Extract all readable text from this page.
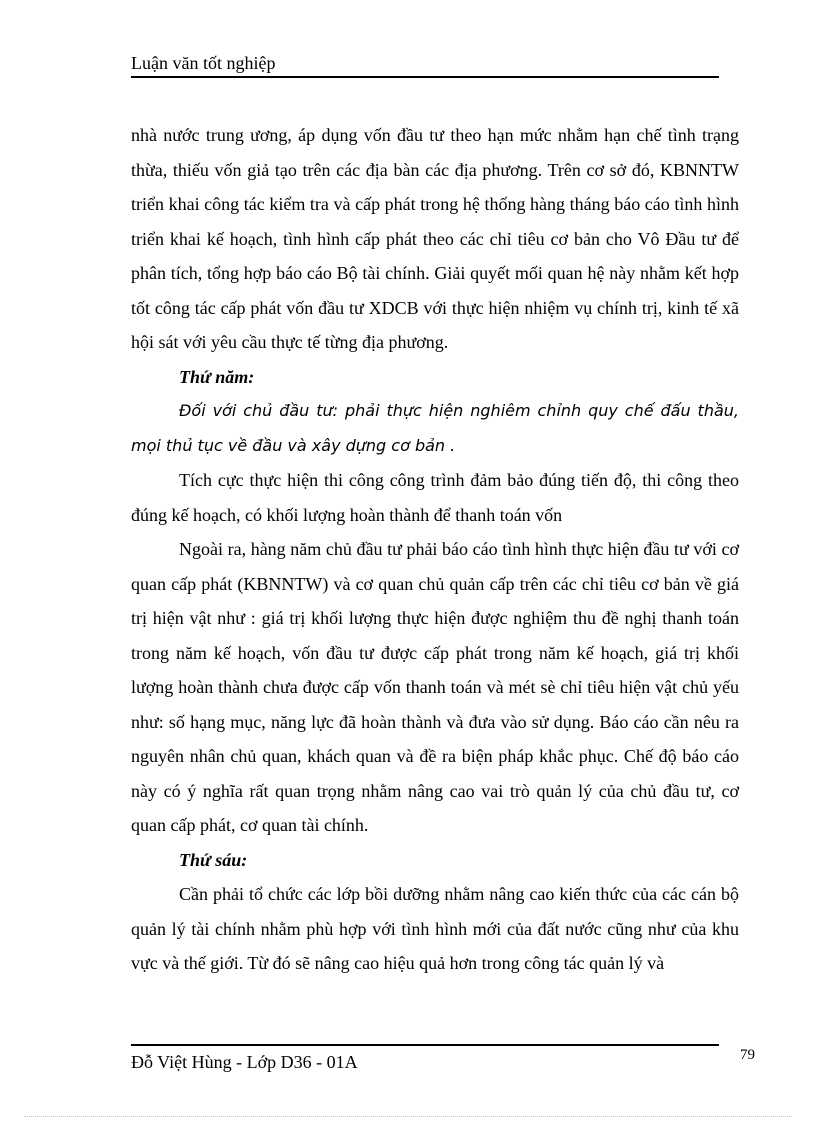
Luận văn tốt nghiệp

nhà nước trung ương, áp dụng vốn đầu tư theo hạn mức nhằm hạn chế tình trạng thừa, thiếu vốn giả tạo trên các địa bàn các địa phương. Trên cơ sở đó, KBNNTW triển khai công tác kiểm tra và cấp phát trong hệ thống hàng tháng báo cáo tình hình triển khai kế hoạch, tình hình cấp phát theo các chỉ tiêu cơ bản cho Vô Đầu tư để phân tích, tổng hợp báo cáo Bộ tài chính. Giải quyết mối quan hệ này nhằm kết hợp tốt công tác cấp phát vốn đầu tư XDCB với thực hiện nhiệm vụ chính trị, kinh tế xã hội sát với yêu cầu thực tế từng địa phương.

Thứ năm:

Đối với chủ đầu tư: phải thực hiện nghiêm chỉnh quy chế đấu thầu, mọi thủ tục về đầu và xây dựng cơ bản .

Tích cực thực hiện thi công công trình đảm bảo đúng tiến độ, thi công theo đúng kế hoạch, có khối lượng hoàn thành để thanh toán vốn

Ngoài ra, hàng năm chủ đầu tư phải báo cáo tình hình thực hiện đầu tư với cơ quan cấp phát (KBNNTW) và cơ quan chủ quản cấp trên các chỉ tiêu cơ bản về giá trị hiện vật như : giá trị khối lượng thực hiện được nghiệm thu đề nghị thanh toán trong năm kế hoạch, vốn đầu tư được cấp phát trong năm kế hoạch, giá trị khối lượng hoàn thành chưa được cấp vốn thanh toán và mét sè chỉ tiêu hiện vật chủ yếu như: số hạng mục, năng lực đã hoàn thành và đưa vào sử dụng. Báo cáo cần nêu ra nguyên nhân chủ quan, khách quan và đề ra biện pháp khắc phục. Chế độ báo cáo này có ý nghĩa rất quan trọng nhằm nâng cao vai trò quản lý của chủ đầu tư, cơ quan cấp phát, cơ quan tài chính.

Thứ sáu:

Cần phải tổ chức các lớp bồi dưỡng nhằm nâng cao kiến thức của các cán bộ quản lý tài chính nhằm phù hợp với tình hình mới của đất nước cũng như của khu vực và thế giới. Từ đó sẽ nâng cao hiệu quả hơn trong công tác quản lý và

Đỗ Việt Hùng - Lớp D36 - 01A	79
